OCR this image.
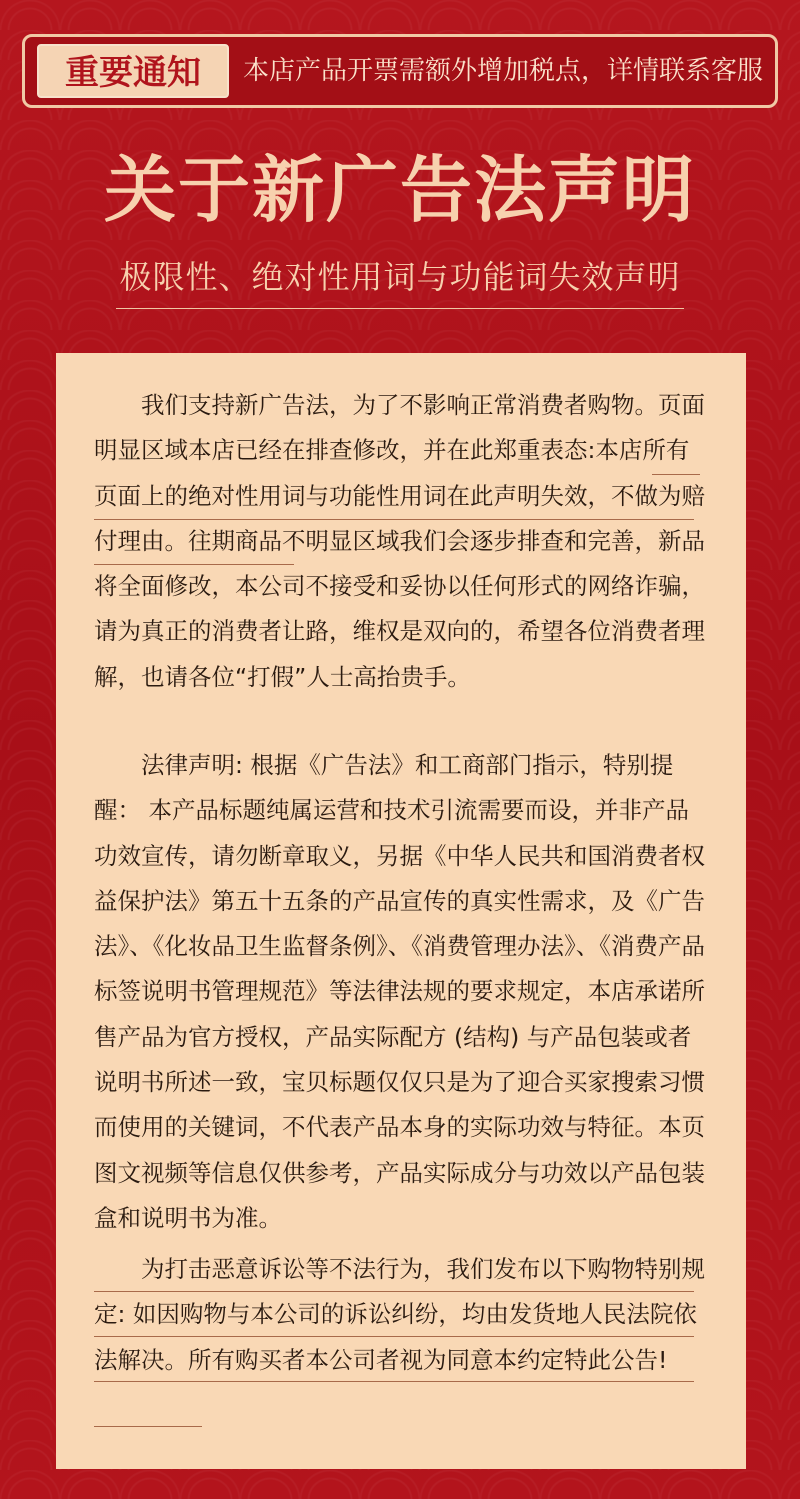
重要通知	本店产品开票需额外增加税点，详情联系客服
关于新广告法声明
极限性、绝对性用词与功能词失效声明

我们支持新广告法，为了不影响正常消费者购物。页面明显区域本店已经在排查修改，并在此郑重表态:本店所有页面上的绝对性用词与功能性用词在此声明失效，不做为赔付理由。往期商品不明显区域我们会逐步排查和完善，新品将全面修改，本公司不接受和妥协以任何形式的网络诈骗，请为真正的消费者让路，维权是双向的，希望各位消费者理解，也请各位“打假”人士高抬贵手。

法律声明: 根据《广告法》和工商部门指示，特别提醒： 本产品标题纯属运营和技术引流需要而设，并非产品功效宣传，请勿断章取义，另据《中华人民共和国消费者权益保护法》第五十五条的产品宣传的真实性需求，及《广告法》、《化妆品卫生监督条例》、《消费管理办法》、《消费产品标签说明书管理规范》等法律法规的要求规定，本店承诺所售产品为官方授权，产品实际配方 (结构) 与产品包装或者说明书所述一致，宝贝标题仅仅只是为了迎合买家搜索习惯而使用的关键词，不代表产品本身的实际功效与特征。本页图文视频等信息仅供参考，产品实际成分与功效以产品包装盒和说明书为准。

为打击恶意诉讼等不法行为，我们发布以下购物特别规定: 如因购物与本公司的诉讼纠纷，均由发货地人民法院依法解决。所有购买者本公司者视为同意本约定特此公告!
